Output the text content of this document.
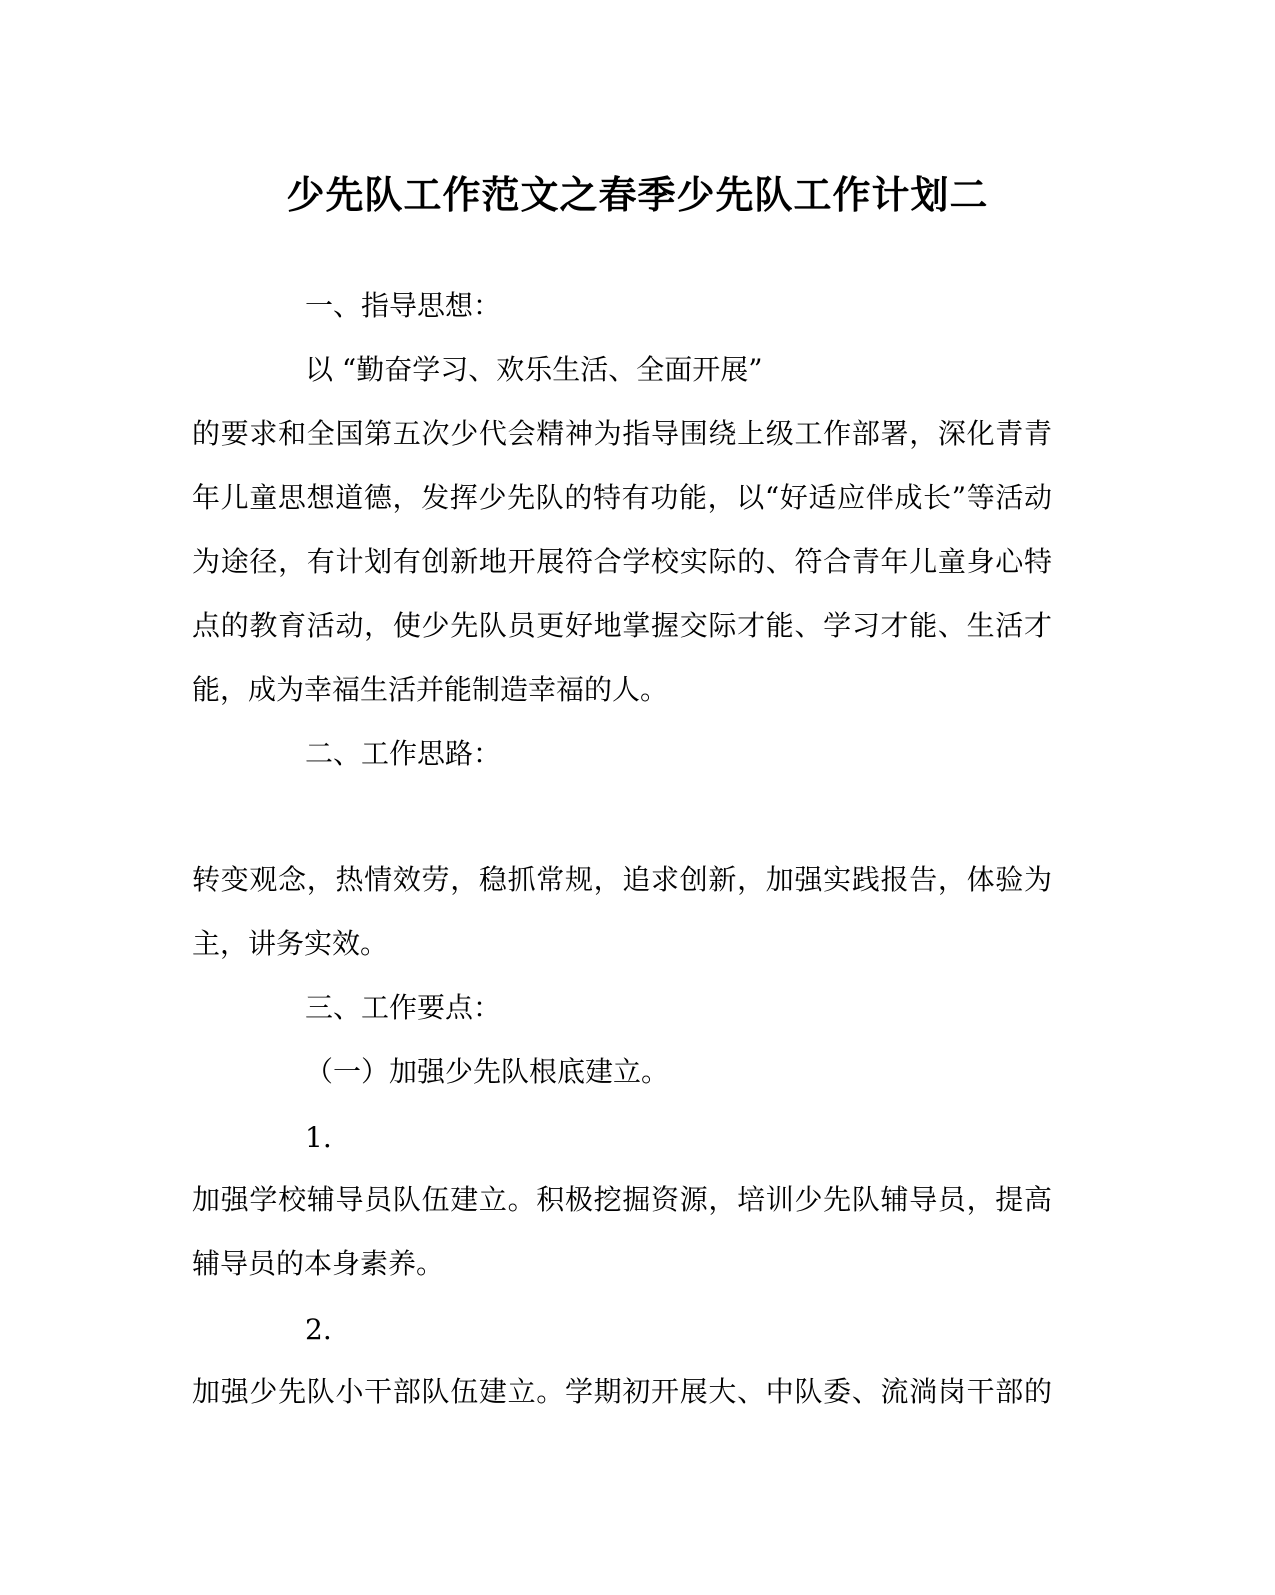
少先队工作范文之春季少先队工作计划二
一、指导思想：
以 “勤奋学习、欢乐生活、全面开展”
的要求和全国第五次少代会精神为指导围绕上级工作部署，深化青青
年儿童思想道德，发挥少先队的特有功能，以“好适应伴成长”等活动
为途径，有计划有创新地开展符合学校实际的、符合青年儿童身心特
点的教育活动，使少先队员更好地掌握交际才能、学习才能、生活才
能，成为幸福生活并能制造幸福的人。
二、工作思路：
转变观念，热情效劳，稳抓常规，追求创新，加强实践报告，体验为
主，讲务实效。
三、工作要点：
（一）加强少先队根底建立。
1.
加强学校辅导员队伍建立。积极挖掘资源，培训少先队辅导员，提高
辅导员的本身素养。
2.
加强少先队小干部队伍建立。学期初开展大、中队委、流淌岗干部的
